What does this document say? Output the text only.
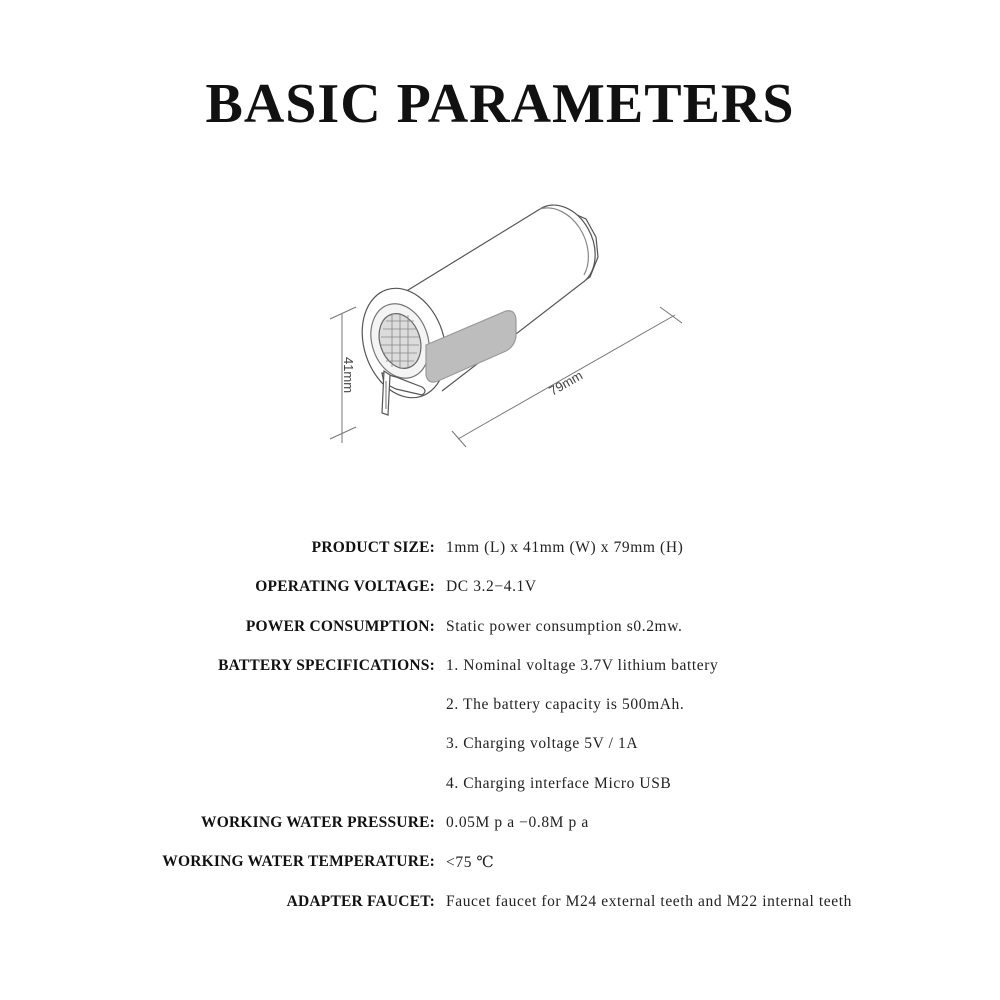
BASIC PARAMETERS
41mm	79mm
PRODUCT SIZE: 1mm (L) x 41mm (W) x 79mm (H)
OPERATING VOLTAGE: DC 3.2−4.1V
POWER CONSUMPTION: Static power consumption s0.2mw.
BATTERY SPECIFICATIONS: 1. Nominal voltage 3.7V lithium battery
2. The battery capacity is 500mAh.
3. Charging voltage 5V / 1A
4. Charging interface Micro USB
WORKING WATER PRESSURE: 0.05M p a −0.8M p a
WORKING WATER TEMPERATURE: <75 ℃
ADAPTER FAUCET: Faucet faucet for M24 external teeth and M22 internal teeth
